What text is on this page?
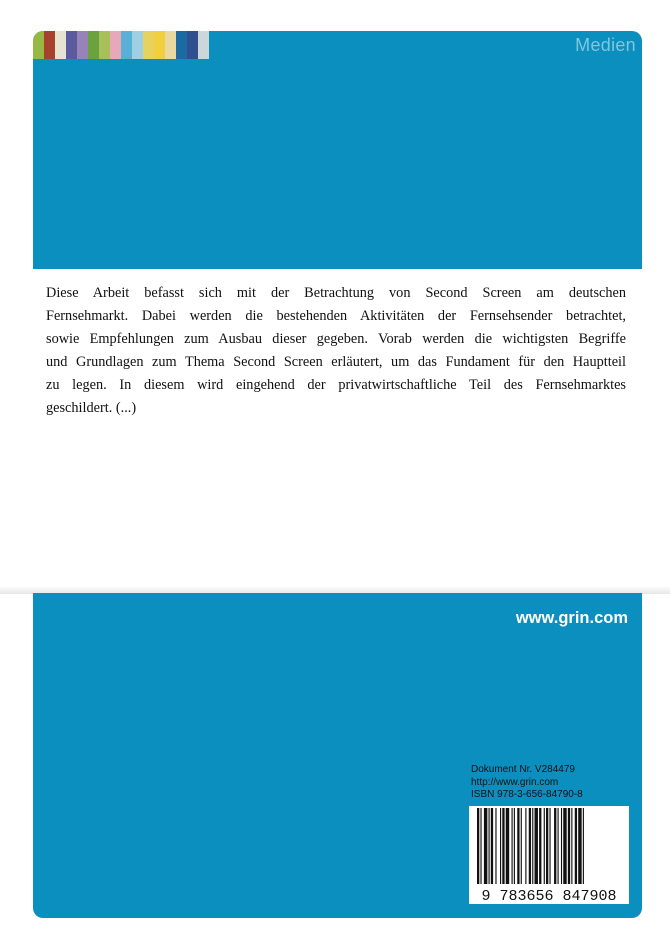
Medien
Diese Arbeit befasst sich mit der Betrachtung von Second Screen am deutschen
Fernsehmarkt. Dabei werden die bestehenden Aktivitäten der Fernsehsender betrachtet,
sowie Empfehlungen zum Ausbau dieser gegeben. Vorab werden die wichtigsten Begriffe
und Grundlagen zum Thema Second Screen erläutert, um das Fundament für den Hauptteil
zu legen. In diesem wird eingehend der privatwirtschaftliche Teil des Fernsehmarktes
geschildert. (...)
www.grin.com
Dokument Nr. V284479
http://www.grin.com
ISBN 978-3-656-84790-8
9 783656 847908
